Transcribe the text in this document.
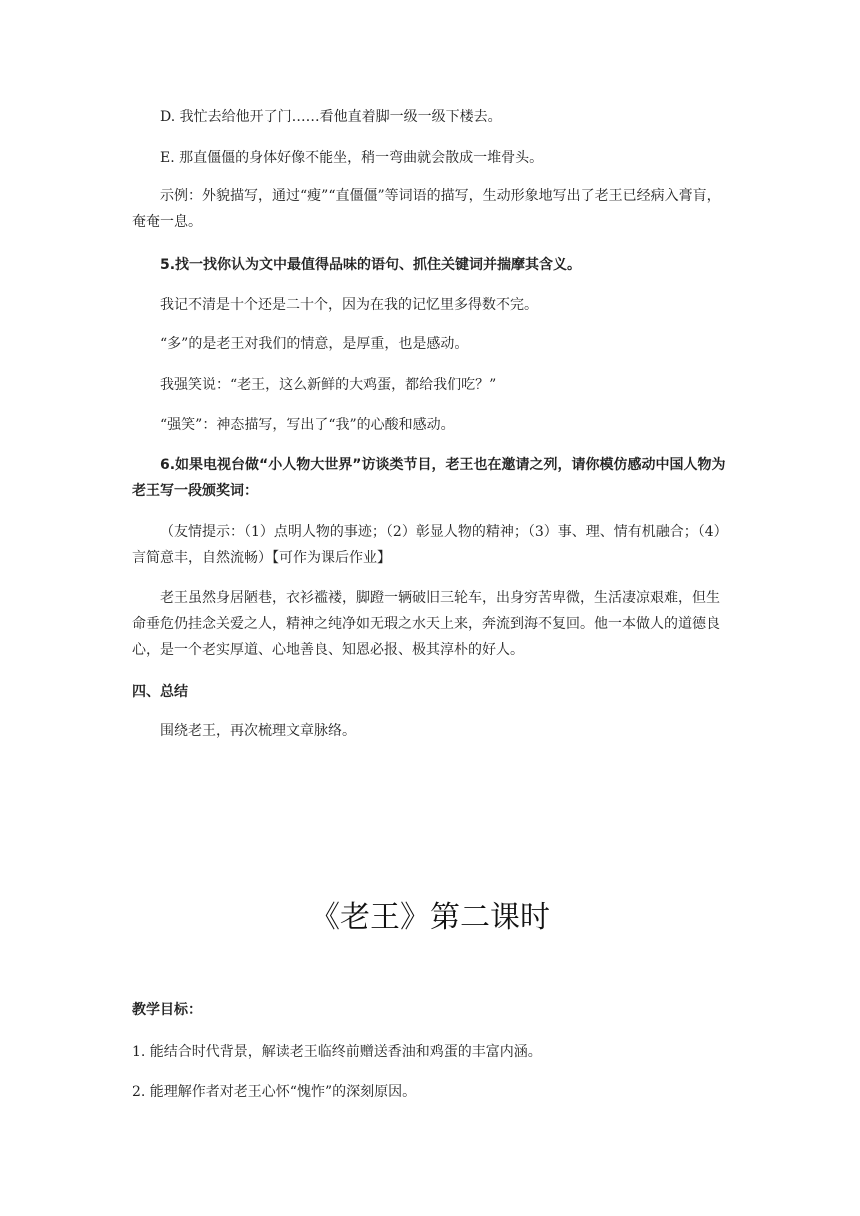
D. 我忙去给他开了门……看他直着脚一级一级下楼去。
E. 那直僵僵的身体好像不能坐，稍一弯曲就会散成一堆骨头。
示例：外貌描写，通过“瘦”“直僵僵”等词语的描写，生动形象地写出了老王已经病入膏肓，奄奄一息。
5.找一找你认为文中最值得品味的语句、抓住关键词并揣摩其含义。
我记不清是十个还是二十个，因为在我的记忆里多得数不完。
“多”的是老王对我们的情意，是厚重，也是感动。
我强笑说：“老王，这么新鲜的大鸡蛋，都给我们吃？”
“强笑”：神态描写，写出了“我”的心酸和感动。
6.如果电视台做“小人物大世界”访谈类节目，老王也在邀请之列，请你模仿感动中国人物为老王写一段颁奖词：
（友情提示：（1）点明人物的事迹；（2）彰显人物的精神；（3）事、理、情有机融合；（4）言简意丰，自然流畅）【可作为课后作业】
老王虽然身居陋巷，衣衫褴褛，脚蹬一辆破旧三轮车，出身穷苦卑微，生活凄凉艰难，但生命垂危仍挂念关爱之人，精神之纯净如无瑕之水天上来，奔流到海不复回。他一本做人的道德良心，是一个老实厚道、心地善良、知恩必报、极其淳朴的好人。
四、总结
围绕老王，再次梳理文章脉络。
《老王》第二课时
教学目标：
1. 能结合时代背景，解读老王临终前赠送香油和鸡蛋的丰富内涵。
2. 能理解作者对老王心怀“愧怍”的深刻原因。
